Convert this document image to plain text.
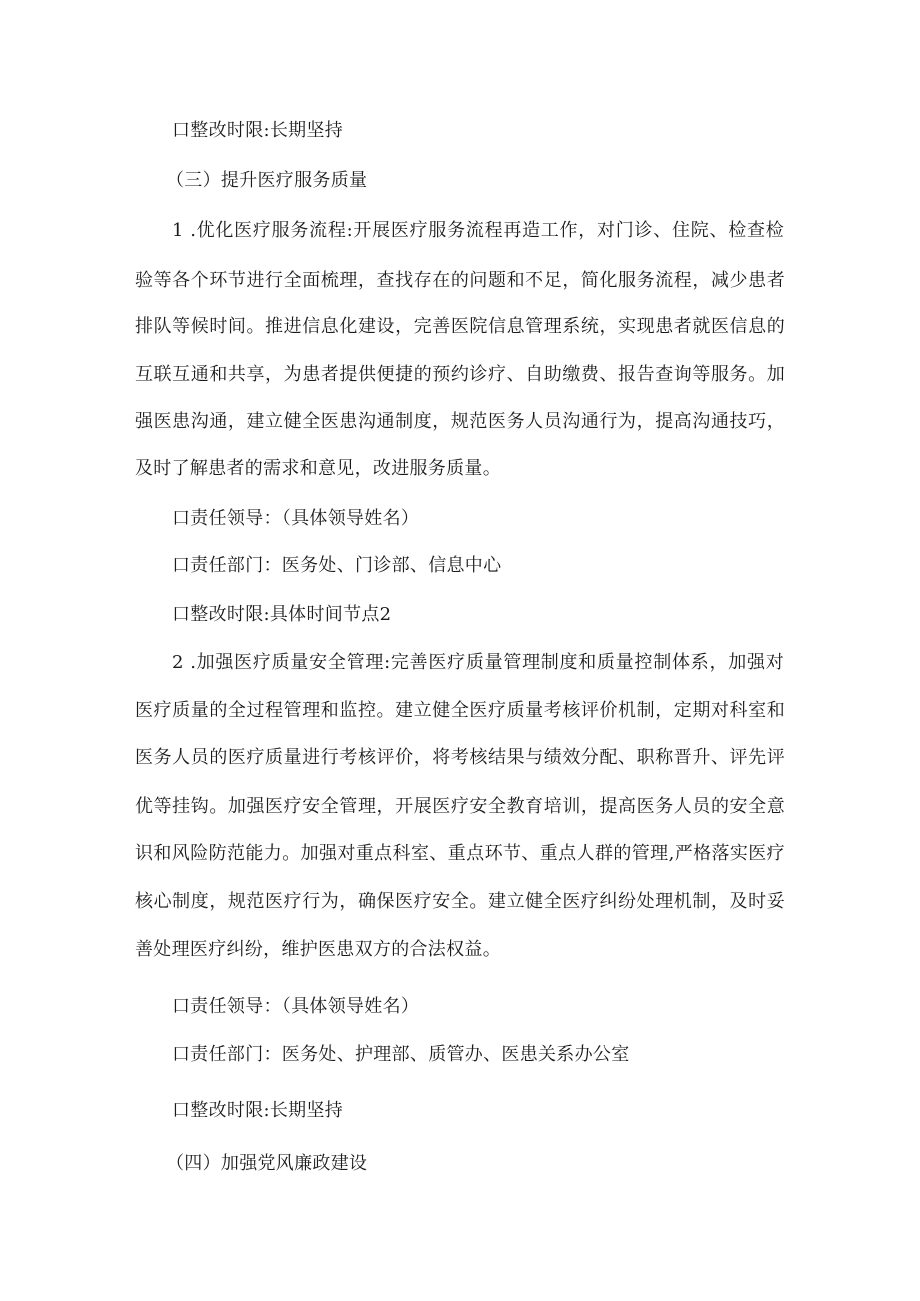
口整改时限:长期坚持
（三）提升医疗服务质量
1 .优化医疗服务流程:开展医疗服务流程再造工作，对门诊、住院、检查检
验等各个环节进行全面梳理，查找存在的问题和不足，简化服务流程，减少患者
排队等候时间。推进信息化建设，完善医院信息管理系统，实现患者就医信息的
互联互通和共享，为患者提供便捷的预约诊疗、自助缴费、报告查询等服务。加
强医患沟通，建立健全医患沟通制度，规范医务人员沟通行为，提高沟通技巧，
及时了解患者的需求和意见，改进服务质量。
口责任领导：（具体领导姓名）
口责任部门：医务处、门诊部、信息中心
口整改时限:具体时间节点2
2 .加强医疗质量安全管理:完善医疗质量管理制度和质量控制体系，加强对
医疗质量的全过程管理和监控。建立健全医疗质量考核评价机制，定期对科室和
医务人员的医疗质量进行考核评价，将考核结果与绩效分配、职称晋升、评先评
优等挂钩。加强医疗安全管理，开展医疗安全教育培训，提高医务人员的安全意
识和风险防范能力。加强对重点科室、重点环节、重点人群的管理,严格落实医疗
核心制度，规范医疗行为，确保医疗安全。建立健全医疗纠纷处理机制，及时妥
善处理医疗纠纷，维护医患双方的合法权益。
口责任领导：（具体领导姓名）
口责任部门：医务处、护理部、质管办、医患关系办公室
口整改时限:长期坚持
（四）加强党风廉政建设
